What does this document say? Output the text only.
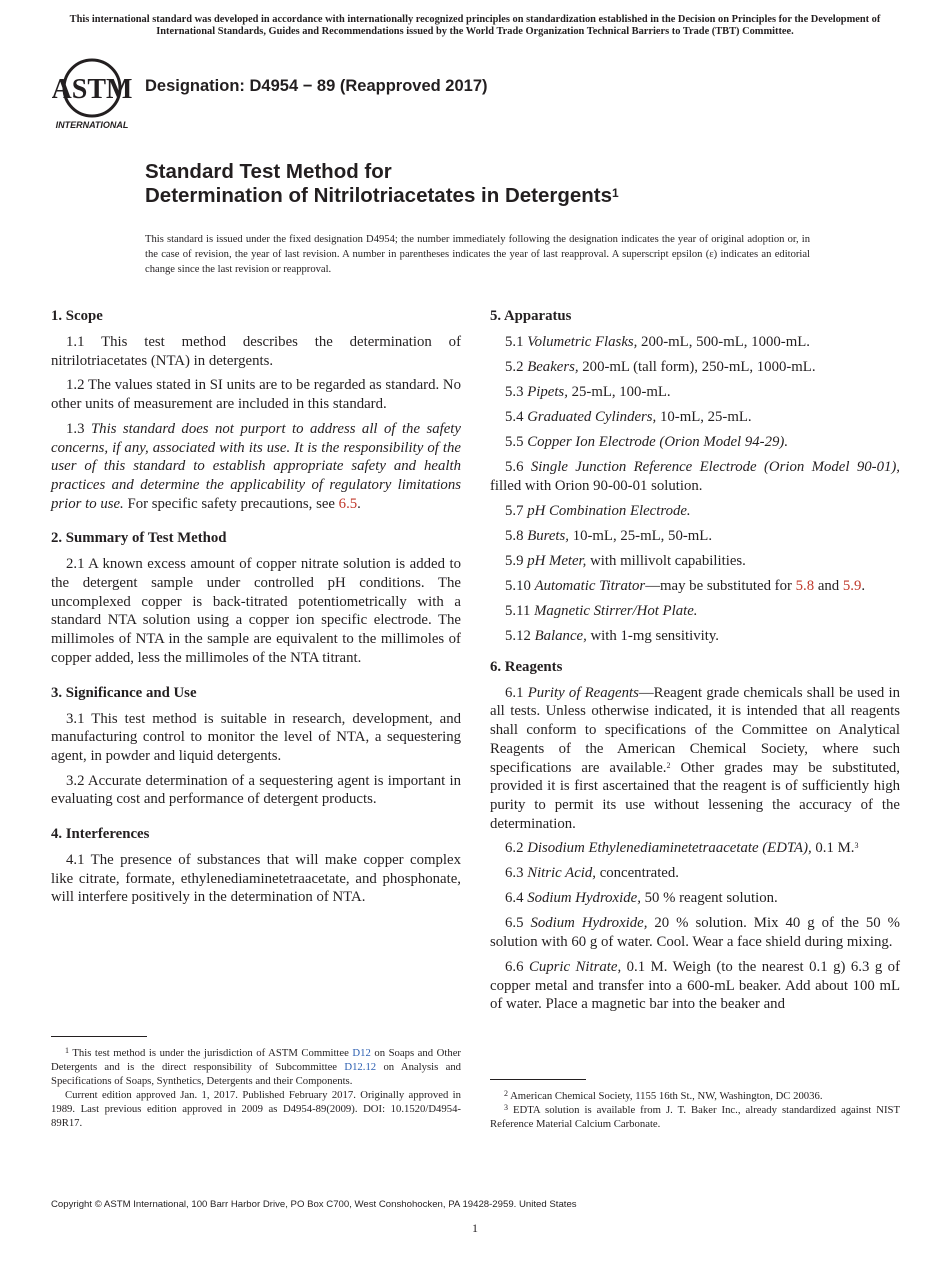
This international standard was developed in accordance with internationally recognized principles on standardization established in the Decision on Principles for the Development of International Standards, Guides and Recommendations issued by the World Trade Organization Technical Barriers to Trade (TBT) Committee.
ASTM
INTERNATIONAL
Designation: D4954 − 89 (Reapproved 2017)
Standard Test Method for
Determination of Nitrilotriacetates in Detergents$^1$
This standard is issued under the fixed designation D4954; the number immediately following the designation indicates the year of original adoption or, in the case of revision, the year of last revision. A number in parentheses indicates the year of last reapproval. A superscript epsilon (ε) indicates an editorial change since the last revision or reapproval.
1. Scope

1.1 This test method describes the determination of nitrilotriacetates (NTA) in detergents.

1.2 The values stated in SI units are to be regarded as standard. No other units of measurement are included in this standard.

1.3 This standard does not purport to address all of the safety concerns, if any, associated with its use. It is the responsibility of the user of this standard to establish appropriate safety and health practices and determine the applicability of regulatory limitations prior to use. For specific safety precautions, see 6.5.

2. Summary of Test Method

2.1 A known excess amount of copper nitrate solution is added to the detergent sample under controlled pH conditions. The uncomplexed copper is back-titrated potentiometrically with a standard NTA solution using a copper ion specific electrode. The millimoles of NTA in the sample are equivalent to the millimoles of copper added, less the millimoles of the NTA titrant.

3. Significance and Use

3.1 This test method is suitable in research, development, and manufacturing control to monitor the level of NTA, a sequestering agent, in powder and liquid detergents.

3.2 Accurate determination of a sequestering agent is important in evaluating cost and performance of detergent products.

4. Interferences

4.1 The presence of substances that will make copper complex like citrate, formate, ethylenediaminetetraacetate, and phosphonate, will interfere positively in the determination of NTA.

$^1$ This test method is under the jurisdiction of ASTM Committee D12 on Soaps and Other Detergents and is the direct responsibility of Subcommittee D12.12 on Analysis and Specifications of Soaps, Synthetics, Detergents and their Components.

Current edition approved Jan. 1, 2017. Published February 2017. Originally approved in 1989. Last previous edition approved in 2009 as D4954-89(2009). DOI: 10.1520/D4954-89R17.

5. Apparatus

5.1 Volumetric Flasks, 200-mL, 500-mL, 1000-mL.

5.2 Beakers, 200-mL (tall form), 250-mL, 1000-mL.

5.3 Pipets, 25-mL, 100-mL.

5.4 Graduated Cylinders, 10-mL, 25-mL.

5.5 Copper Ion Electrode (Orion Model 94-29).

5.6 Single Junction Reference Electrode (Orion Model 90-01), filled with Orion 90-00-01 solution.

5.7 pH Combination Electrode.

5.8 Burets, 10-mL, 25-mL, 50-mL.

5.9 pH Meter, with millivolt capabilities.

5.10 Automatic Titrator—may be substituted for 5.8 and 5.9.

5.11 Magnetic Stirrer/Hot Plate.

5.12 Balance, with 1-mg sensitivity.

6. Reagents

6.1 Purity of Reagents—Reagent grade chemicals shall be used in all tests. Unless otherwise indicated, it is intended that all reagents shall conform to specifications of the Committee on Analytical Reagents of the American Chemical Society, where such specifications are available.$^2$ Other grades may be substituted, provided it is first ascertained that the reagent is of sufficiently high purity to permit its use without lessening the accuracy of the determination.

6.2 Disodium Ethylenediaminetetraacetate (EDTA), 0.1 M.$^3$

6.3 Nitric Acid, concentrated.

6.4 Sodium Hydroxide, 50 % reagent solution.

6.5 Sodium Hydroxide, 20 % solution. Mix 40 g of the 50 % solution with 60 g of water. Cool. Wear a face shield during mixing.

6.6 Cupric Nitrate, 0.1 M. Weigh (to the nearest 0.1 g) 6.3 g of copper metal and transfer into a 600-mL beaker. Add about 100 mL of water. Place a magnetic bar into the beaker and

$^2$ American Chemical Society, 1155 16th St., NW, Washington, DC 20036.

$^3$ EDTA solution is available from J. T. Baker Inc., already standardized against NIST Reference Material Calcium Carbonate.

Copyright © ASTM International, 100 Barr Harbor Drive, PO Box C700, West Conshohocken, PA 19428-2959. United States
1
